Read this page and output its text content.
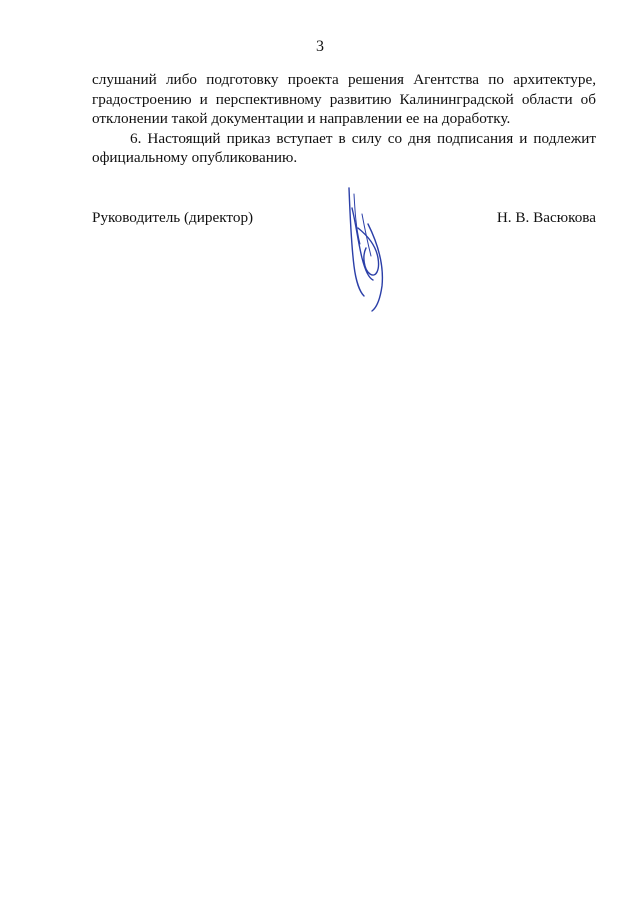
3

слушаний либо подготовку проекта решения Агентства по архитектуре, градостроению и перспективному развитию Калининградской области об отклонении такой документации и направлении ее на доработку.

6. Настоящий приказ вступает в силу со дня подписания и подлежит официальному опубликованию.

Руководитель (директор)	Н. В. Васюкова
